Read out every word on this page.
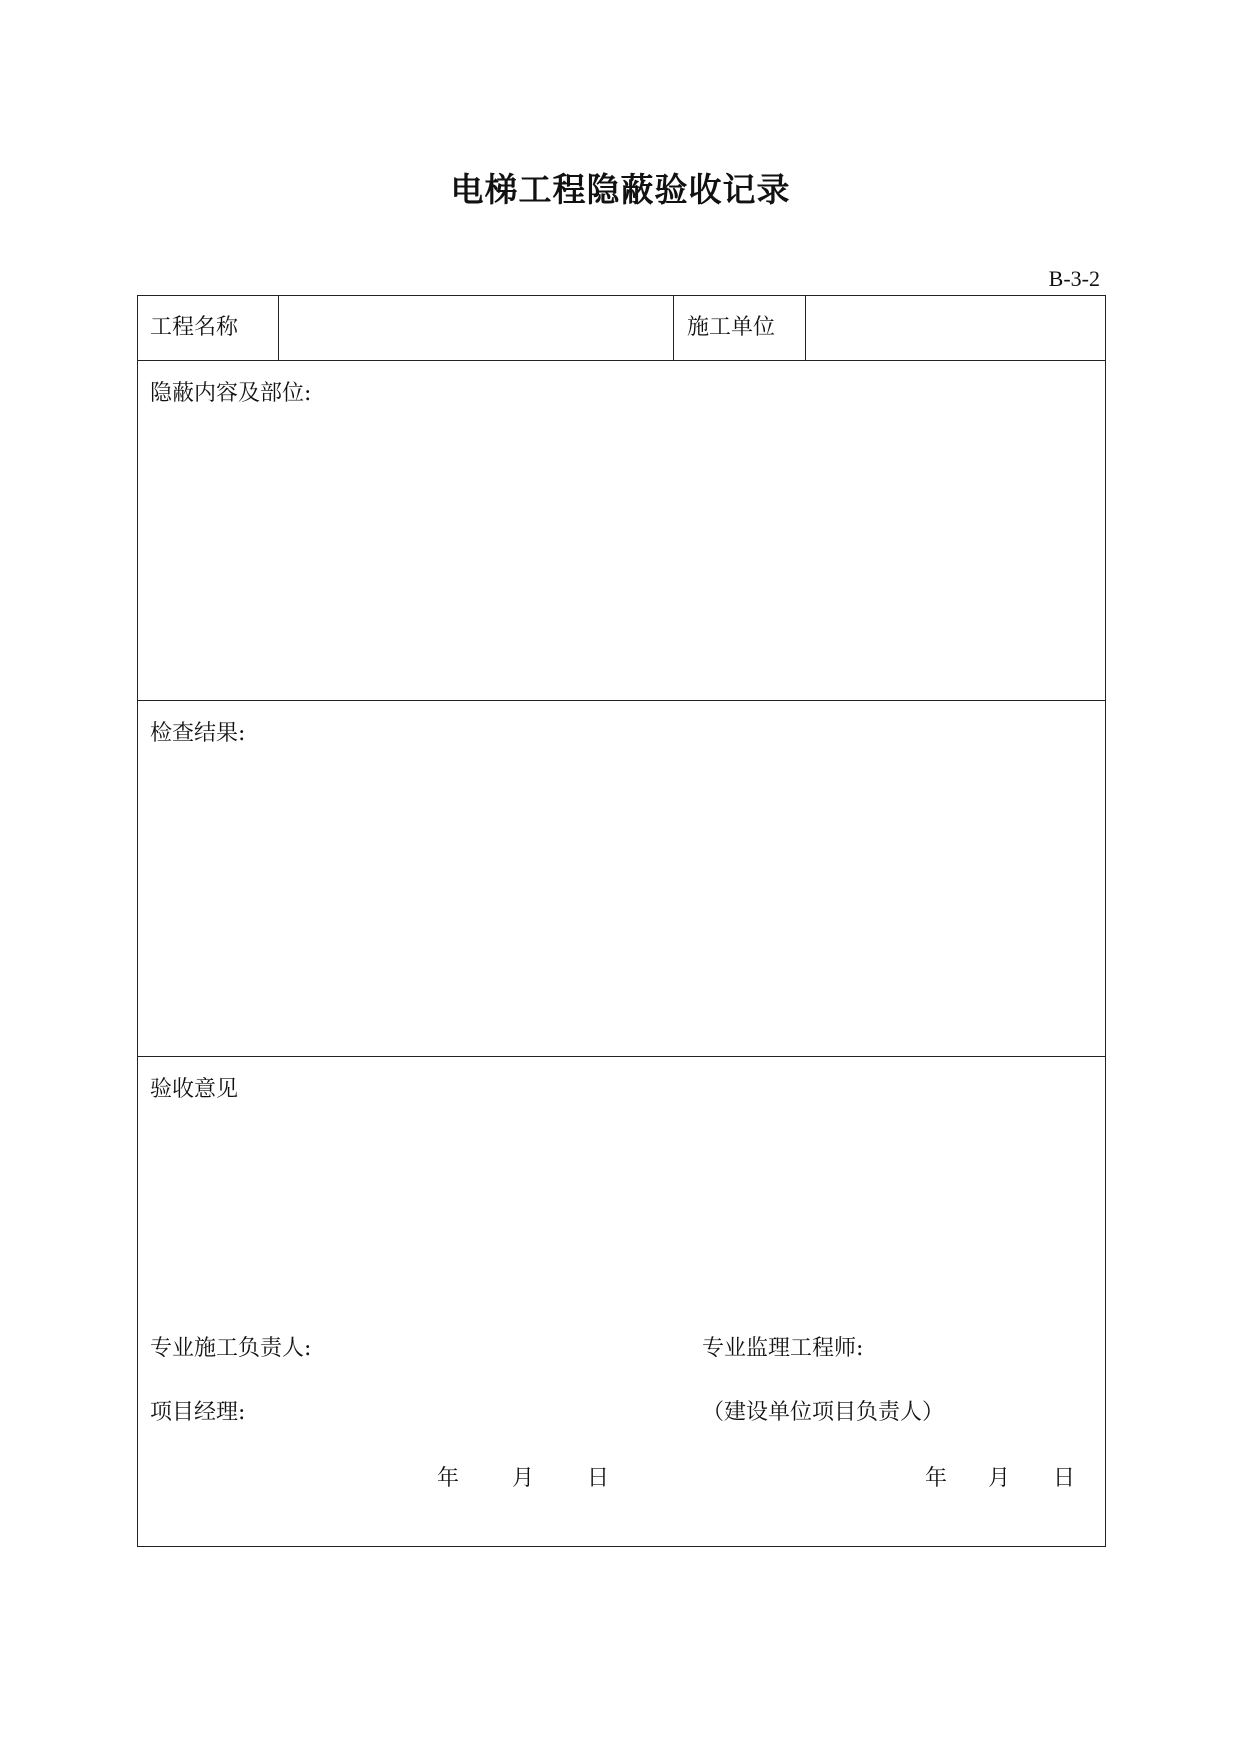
电梯工程隐蔽验收记录
B-3-2
工程名称	施工单位
隐蔽内容及部位:
检查结果:
验收意见
专业施工负责人:	专业监理工程师:
项目经理:	（建设单位项目负责人）
年 月 日	年 月 日
